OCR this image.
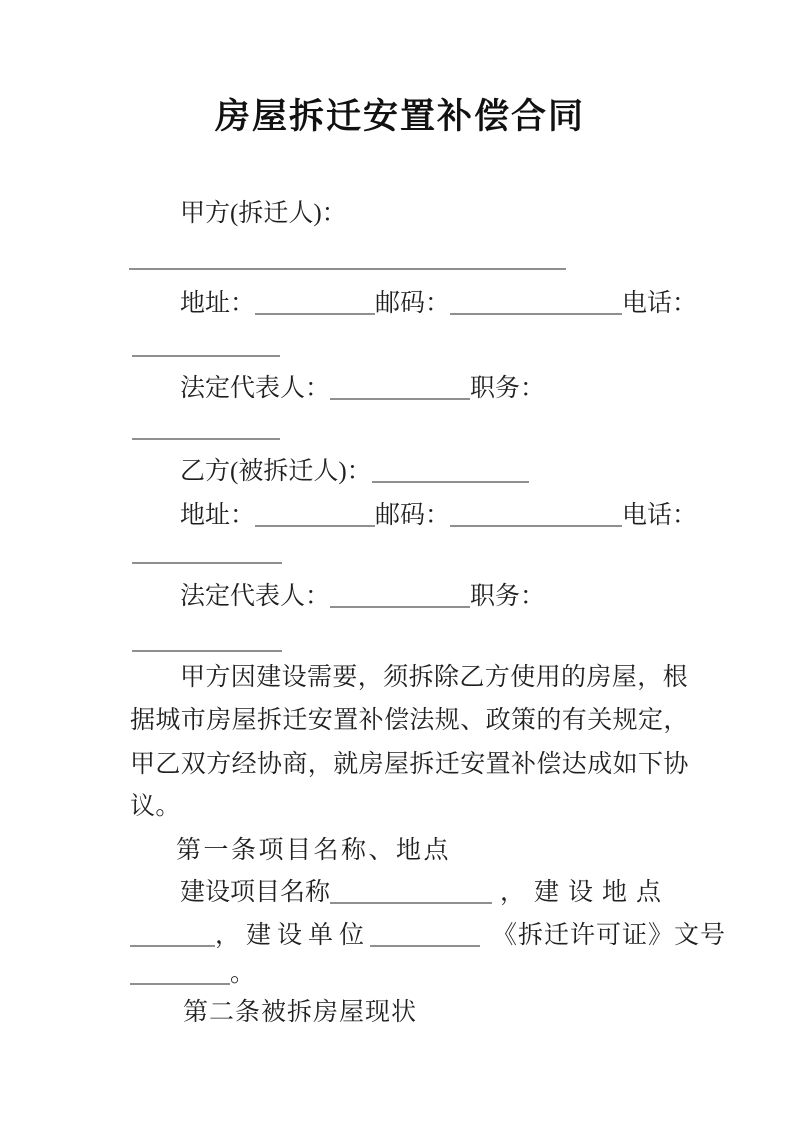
房屋拆迁安置补偿合同
甲方(拆迁人)：
地址：	邮码：	电话：
法定代表人：	职务：
乙方(被拆迁人)：
地址：	邮码：	电话：
法定代表人：	职务：
甲方因建设需要，须拆除乙方使用的房屋，根
据城市房屋拆迁安置补偿法规、政策的有关规定，
甲乙双方经协商，就房屋拆迁安置补偿达成如下协
议。
第一条项目名称、地点
建设项目名称	，建设地点
，建设单位	《拆迁许可证》文号
。
第二条被拆房屋现状
